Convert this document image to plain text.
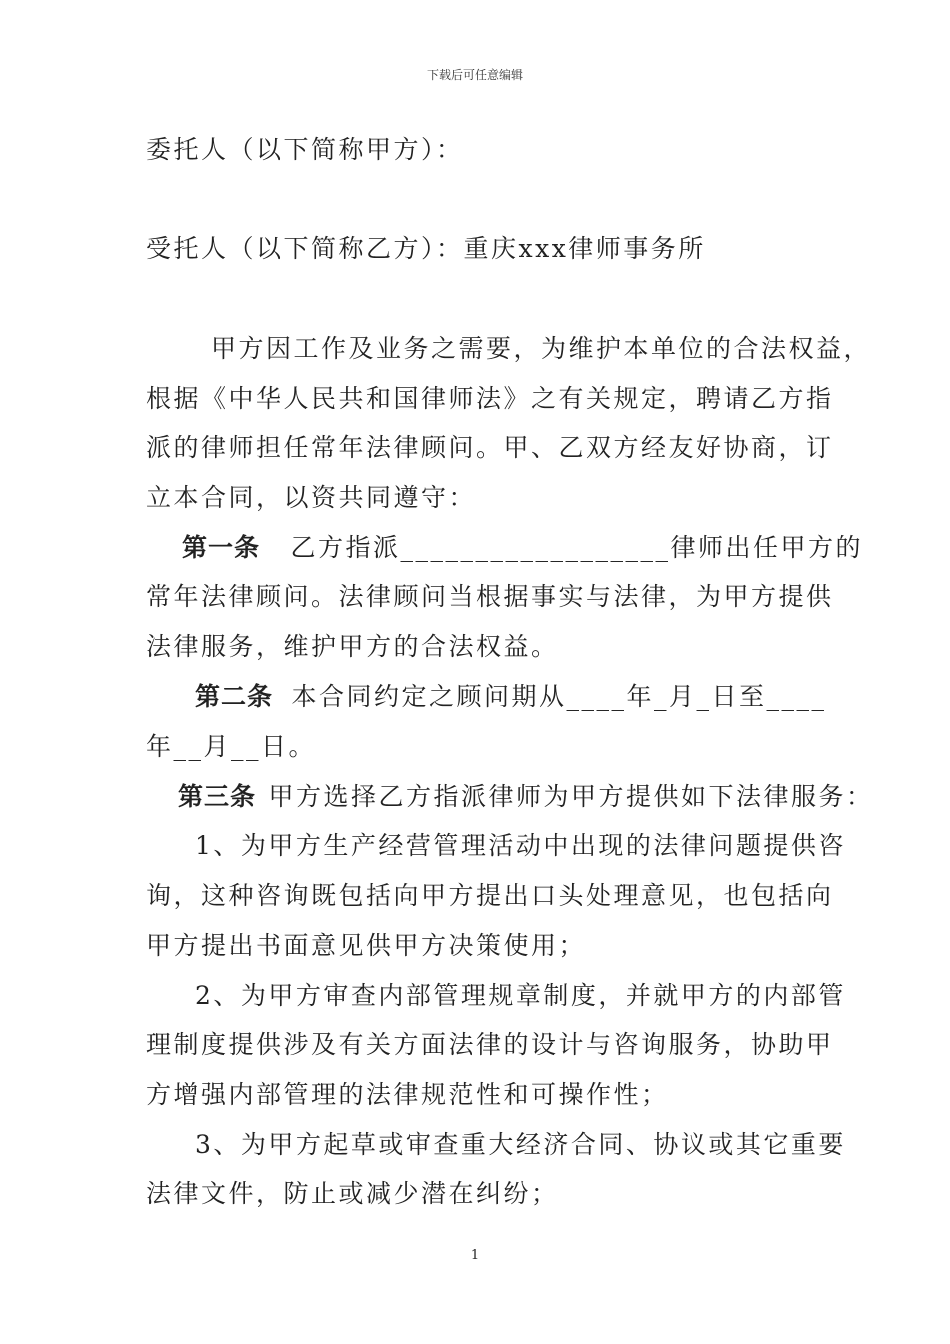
下载后可任意编辑
委托人（以下简称甲方）：
受托人（以下简称乙方）：重庆xxx律师事务所
甲方因工作及业务之需要，为维护本单位的合法权益，
根据《中华人民共和国律师法》之有关规定，聘请乙方指
派的律师担任常年法律顾问。甲、乙双方经友好协商，订
立本合同，以资共同遵守：
第一条 乙方指派__________________律师出任甲方的
常年法律顾问。法律顾问当根据事实与法律，为甲方提供
法律服务，维护甲方的合法权益。
第二条 本合同约定之顾问期从____年_月_日至____
年__月__日。
第三条 甲方选择乙方指派律师为甲方提供如下法律服务：
1、为甲方生产经营管理活动中出现的法律问题提供咨
询，这种咨询既包括向甲方提出口头处理意见，也包括向
甲方提出书面意见供甲方决策使用；
2、为甲方审查内部管理规章制度，并就甲方的内部管
理制度提供涉及有关方面法律的设计与咨询服务，协助甲
方增强内部管理的法律规范性和可操作性；
3、为甲方起草或审查重大经济合同、协议或其它重要
法律文件，防止或减少潜在纠纷；
1
